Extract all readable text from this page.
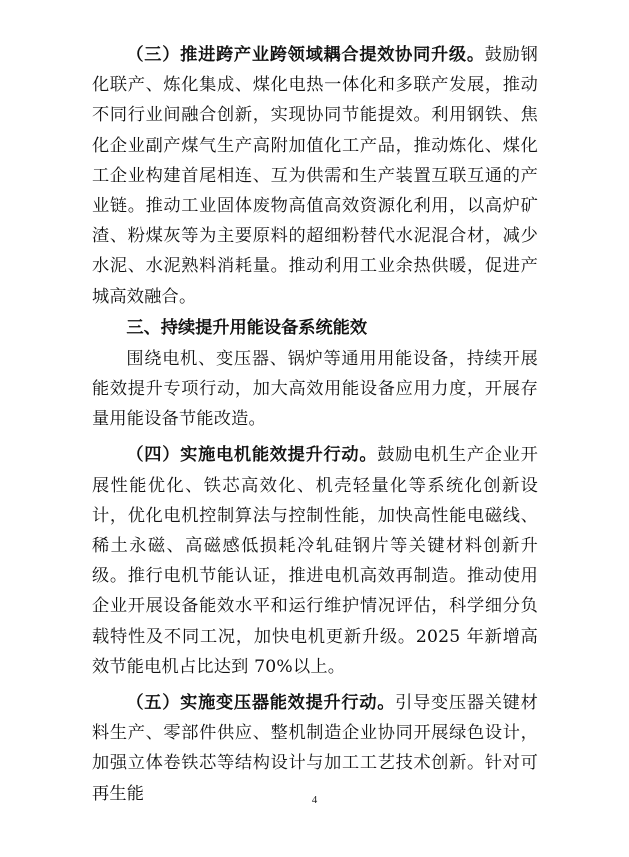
（三）推进跨产业跨领域耦合提效协同升级。鼓励钢化联产、炼化集成、煤化电热一体化和多联产发展，推动不同行业间融合创新，实现协同节能提效。利用钢铁、焦化企业副产煤气生产高附加值化工产品，推动炼化、煤化工企业构建首尾相连、互为供需和生产装置互联互通的产业链。推动工业固体废物高值高效资源化利用，以高炉矿渣、粉煤灰等为主要原料的超细粉替代水泥混合材，减少水泥、水泥熟料消耗量。推动利用工业余热供暖，促进产城高效融合。

三、持续提升用能设备系统能效

围绕电机、变压器、锅炉等通用用能设备，持续开展能效提升专项行动，加大高效用能设备应用力度，开展存量用能设备节能改造。

（四）实施电机能效提升行动。鼓励电机生产企业开展性能优化、铁芯高效化、机壳轻量化等系统化创新设计，优化电机控制算法与控制性能，加快高性能电磁线、稀土永磁、高磁感低损耗冷轧硅钢片等关键材料创新升级。推行电机节能认证，推进电机高效再制造。推动使用企业开展设备能效水平和运行维护情况评估，科学细分负载特性及不同工况，加快电机更新升级。2025 年新增高效节能电机占比达到 70%以上。

（五）实施变压器能效提升行动。引导变压器关键材料生产、零部件供应、整机制造企业协同开展绿色设计，加强立体卷铁芯等结构设计与加工工艺技术创新。针对可再生能	4
